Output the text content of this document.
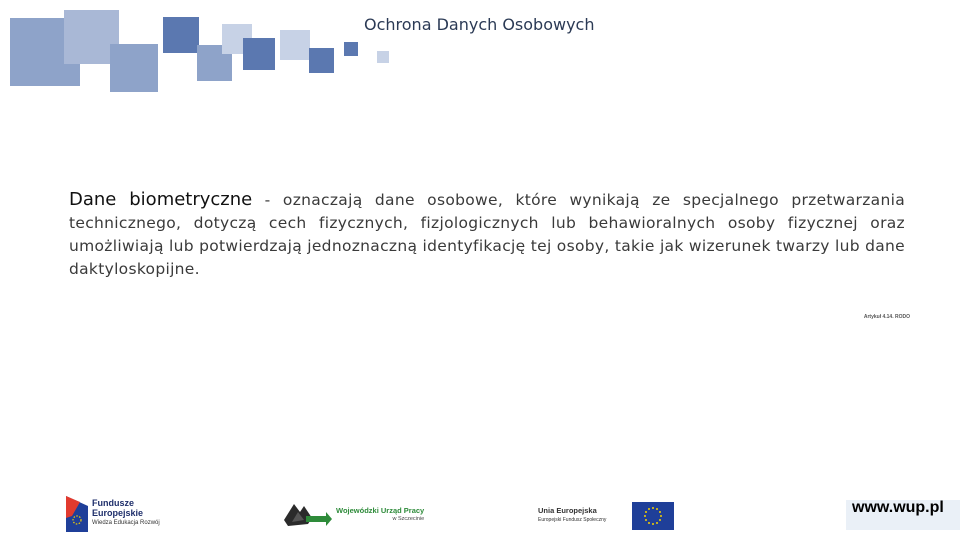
Ochrona Danych Osobowych

Dane biometryczne - oznaczają dane osobowe, które wynikają ze specjalnego przetwarzania technicznego, dotyczą cech fizycznych, fizjologicznych lub behawioralnych osoby fizycznej oraz umożliwiają lub potwierdzają jednoznaczną identyfikację tej osoby, takie jak wizerunek twarzy lub dane daktyloskopijne.

Artykuł 4.14. RODO
Fundusze
Europejskie
Wiedza Edukacja Rozwój
Wojewódzki Urząd Pracy
w Szczecinie
Unia Europejska
Europejski Fundusz Społeczny
www.wup.pl
